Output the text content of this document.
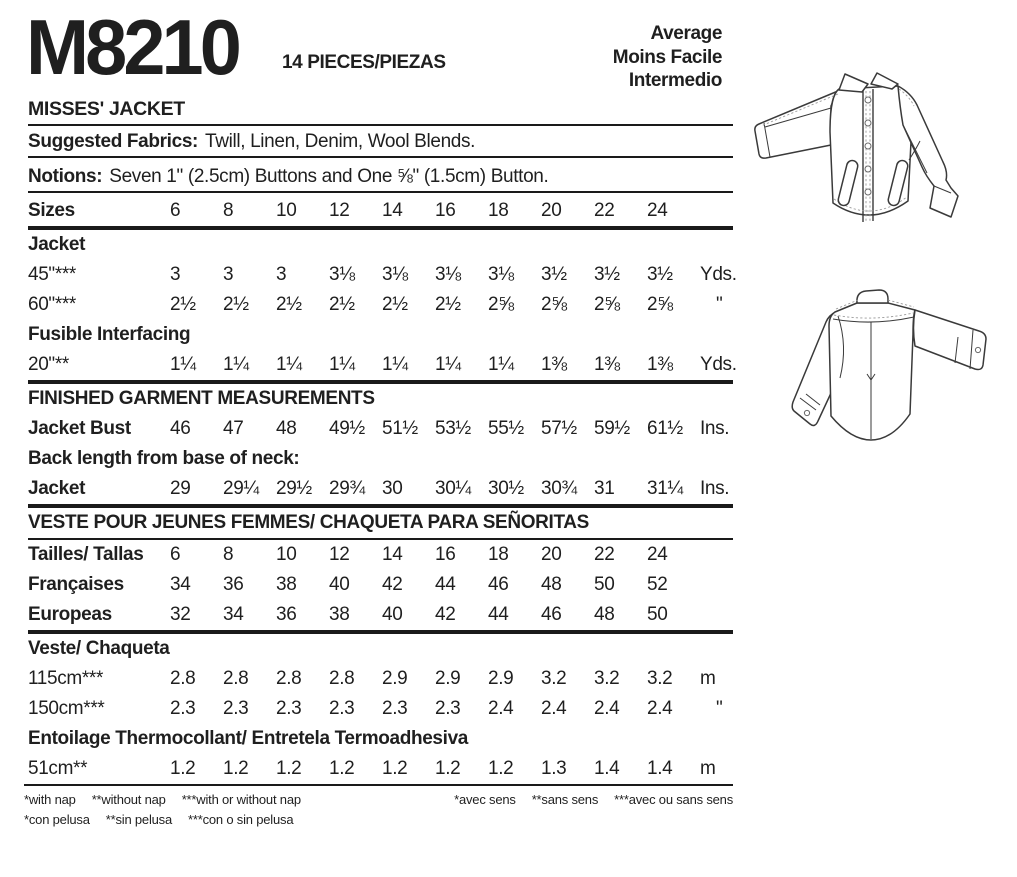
M8210 14 PIECES/PIEZAS
Average
Moins Facile
Intermedio
MISSES' JACKET
Suggested Fabrics: Twill, Linen, Denim, Wool Blends.
Notions: Seven 1" (2.5cm) Buttons and One ⅝" (1.5cm) Button.
Sizes	6	8	10	12	14	16	18	20	22	24
Jacket
45"***	3	3	3	3⅛	3⅛	3⅛	3⅛	3½	3½	3½	Yds.
60"***	2½	2½	2½	2½	2½	2½	2⅝	2⅝	2⅝	2⅝	"
Fusible Interfacing
20"**	1¼	1¼	1¼	1¼	1¼	1¼	1¼	1⅜	1⅜	1⅜	Yds.
FINISHED GARMENT MEASUREMENTS
Jacket Bust	46	47	48	49½ 51½ 53½ 55½ 57½ 59½ 61½ Ins.
Back length from base of neck:
Jacket	29	29¼ 29½ 29¾ 30	30¼ 30½ 30¾ 31	31¼ Ins.
VESTE POUR JEUNES FEMMES/ CHAQUETA PARA SEÑORITAS
Tailles/ Tallas	6	8	10	12	14	16	18	20	22	24
Françaises	34	36	38	40	42	44	46	48	50	52
Europeas	32	34	36	38	40	42	44	46	48	50
Veste/ Chaqueta
115cm***	2.8	2.8	2.8	2.8	2.9	2.9	2.9	3.2	3.2	3.2	m
150cm***	2.3	2.3	2.3	2.3	2.3	2.3	2.4	2.4	2.4	2.4	"
Entoilage Thermocollant/ Entretela Termoadhesiva
51cm**	1.2	1.2	1.2	1.2	1.2	1.2	1.2	1.3	1.4	1.4	m
*with nap **without nap ***with or without nap	*avec sens **sans sens ***avec ou sans sens
*con pelusa **sin pelusa ***con o sin pelusa
